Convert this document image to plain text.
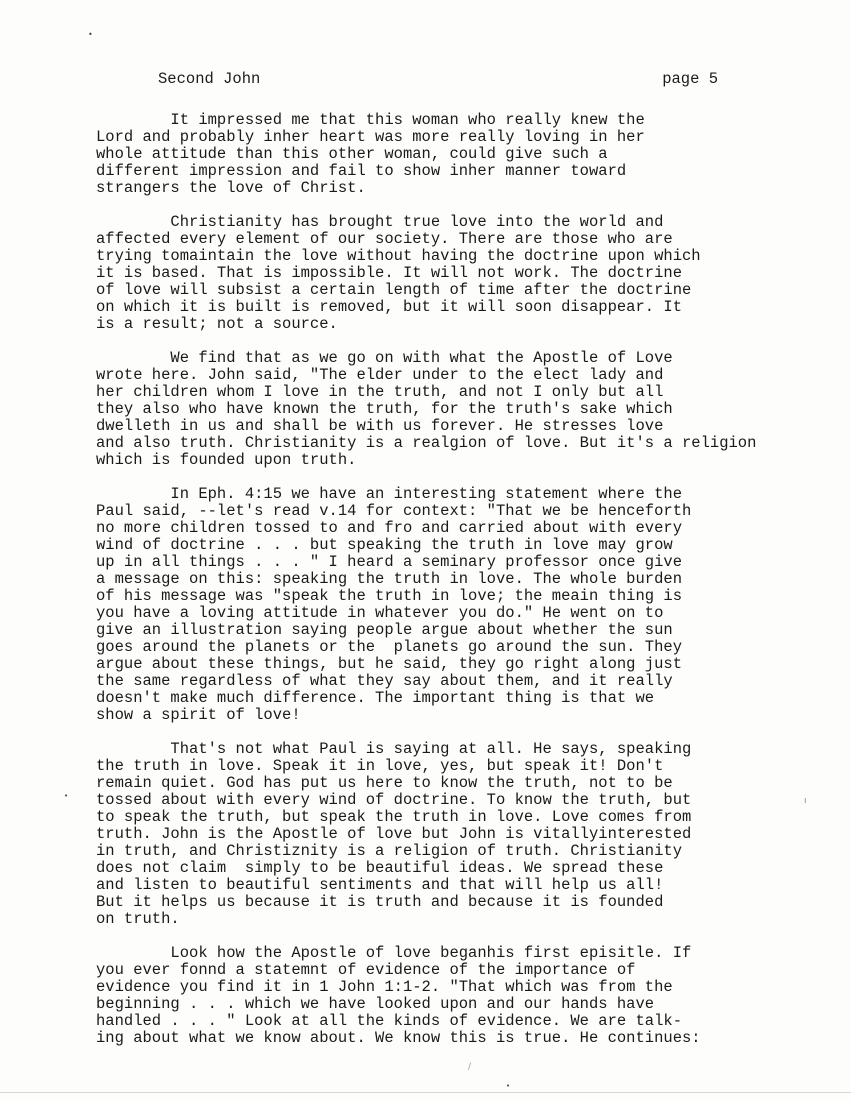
Second John	page 5
It impressed me that this woman who really knew the
Lord and probably inher heart was more really loving in her
whole attitude than this other woman, could give such a
different impression and fail to show inher manner toward
strangers the love of Christ.
Christianity has brought true love into the world and
affected every element of our society. There are those who are
trying tomaintain the love without having the doctrine upon which
it is based. That is impossible. It will not work. The doctrine
of love will subsist a certain length of time after the doctrine
on which it is built is removed, but it will soon disappear. It
is a result; not a source.
We find that as we go on with what the Apostle of Love
wrote here. John said, "The elder under to the elect lady and
her children whom I love in the truth, and not I only but all
they also who have known the truth, for the truth's sake which
dwelleth in us and shall be with us forever. He stresses love
and also truth. Christianity is a realgion of love. But it's a religion
which is founded upon truth.
In Eph. 4:15 we have an interesting statement where the
Paul said, --let's read v.14 for context: "That we be henceforth
no more children tossed to and fro and carried about with every
wind of doctrine . . . but speaking the truth in love may grow
up in all things . . . " I heard a seminary professor once give
a message on this: speaking the truth in love. The whole burden
of his message was "speak the truth in love; the meain thing is
you have a loving attitude in whatever you do." He went on to
give an illustration saying people argue about whether the sun
goes around the planets or the  planets go around the sun. They
argue about these things, but he said, they go right along just
the same regardless of what they say about them, and it really
doesn't make much difference. The important thing is that we
show a spirit of love!
That's not what Paul is saying at all. He says, speaking
the truth in love. Speak it in love, yes, but speak it! Don't
remain quiet. God has put us here to know the truth, not to be
tossed about with every wind of doctrine. To know the truth, but
to speak the truth, but speak the truth in love. Love comes from
truth. John is the Apostle of love but John is vitallyinterested
in truth, and Christiznity is a religion of truth. Christianity
does not claim  simply to be beautiful ideas. We spread these
and listen to beautiful sentiments and that will help us all!
But it helps us because it is truth and because it is founded
on truth.
Look how the Apostle of love beganhis first episitle. If
you ever fonnd a statemnt of evidence of the importance of
evidence you find it in 1 John 1:1-2. "That which was from the
beginning . . . which we have looked upon and our hands have
handled . . . " Look at all the kinds of evidence. We are talk-
ing about what we know about. We know this is true. He continues:
•
•	ı
/
•
